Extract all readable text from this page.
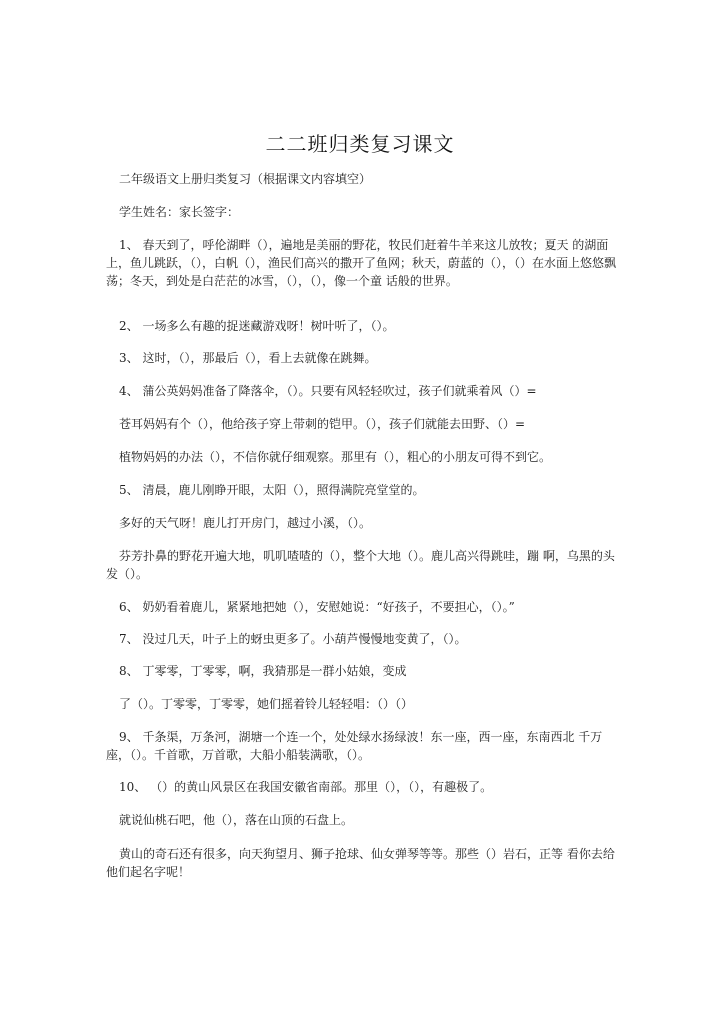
二二班归类复习课文
二年级语文上册归类复习（根据课文内容填空）
学生姓名：家长签字：
1、 春天到了，呼伦湖畔（），遍地是美丽的野花，牧民们赶着牛羊来这儿放牧；夏天 的湖面上，鱼儿跳跃，（），白帆（），渔民们高兴的撒开了鱼网；秋天，蔚蓝的（），（）在水面上悠悠飘荡；冬天，到处是白茫茫的冰雪，（），（），像一个童 话般的世界。
2、 一场多么有趣的捉迷藏游戏呀！树叶听了，（）。
3、 这时，（），那最后（），看上去就像在跳舞。
4、 蒲公英妈妈准备了降落伞，（）。只要有风轻轻吹过，孩子们就乘着风（）=
苍耳妈妈有个（），他给孩子穿上带刺的铠甲。（），孩子们就能去田野、（）=
植物妈妈的办法（），不信你就仔细观察。那里有（），粗心的小朋友可得不到它。
5、 清晨，鹿儿刚睁开眼，太阳（），照得满院亮堂堂的。
多好的天气呀！鹿儿打开房门，越过小溪，（）。
芬芳扑鼻的野花开遍大地，叽叽喳喳的（），整个大地（）。鹿儿高兴得跳哇，蹦 啊，乌黑的头发（）。
6、 奶奶看着鹿儿，紧紧地把她（），安慰她说：“好孩子，不要担心，（）。”
7、 没过几天，叶子上的蚜虫更多了。小葫芦慢慢地变黄了，（）。
8、 丁零零，丁零零，啊，我猜那是一群小姑娘，变成
了（）。丁零零，丁零零，她们摇着铃儿轻轻唱：（）（）
9、 千条渠，万条河，湖塘一个连一个，处处绿水扬绿波！东一座，西一座，东南西北 千万座，（）。千首歌，万首歌，大船小船装满歌，（）。
10、 （）的黄山风景区在我国安徽省南部。那里（），（），有趣极了。
就说仙桃石吧，他（），落在山顶的石盘上。
黄山的奇石还有很多，向天狗望月、狮子抢球、仙女弹琴等等。那些（）岩石，正等 看你去给他们起名字呢！
